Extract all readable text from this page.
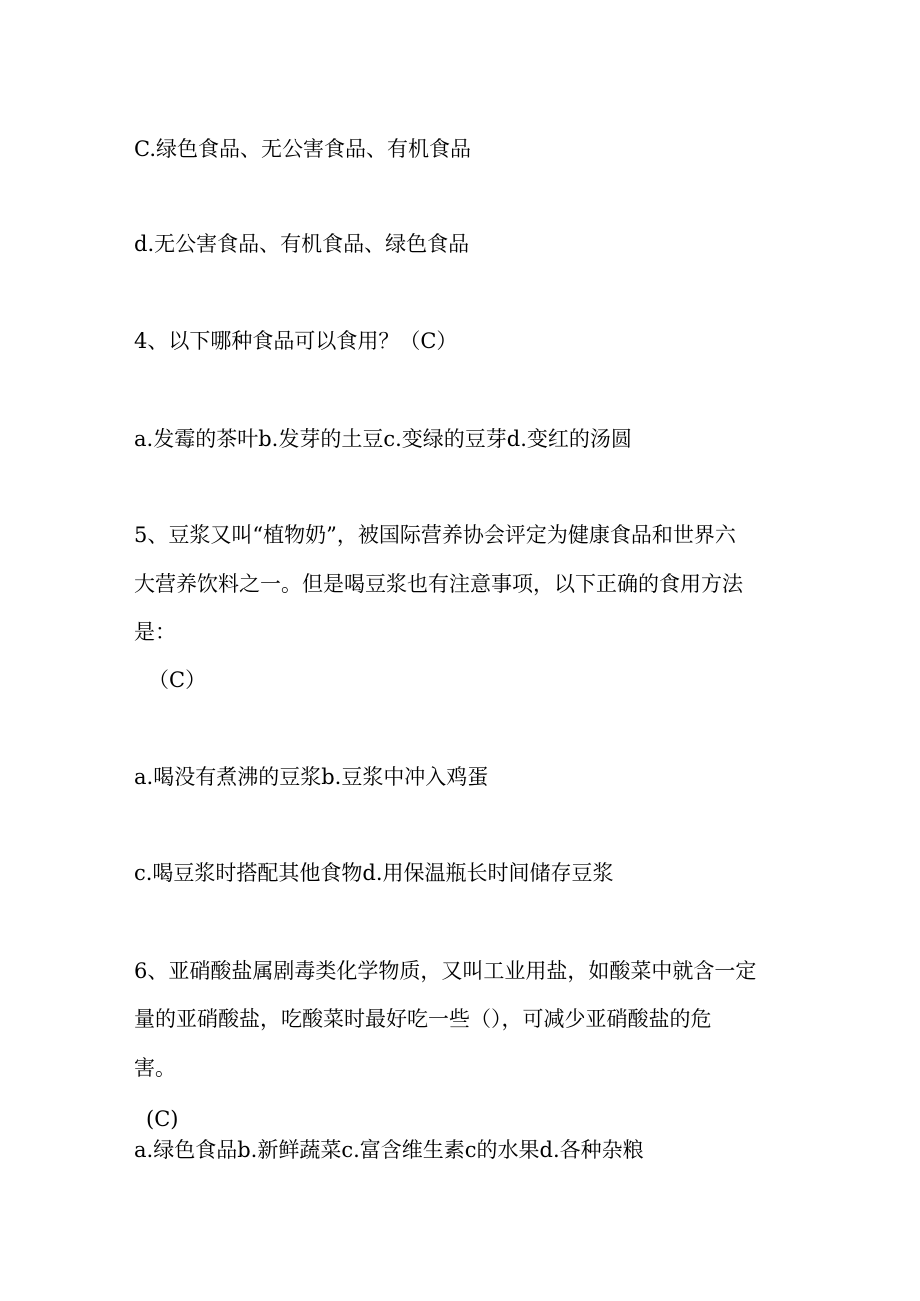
C.绿色食品、无公害食品、有机食品

d.无公害食品、有机食品、绿色食品

4、以下哪种食品可以食用？（C）

a.发霉的茶叶b.发芽的土豆c.变绿的豆芽d.变红的汤圆

5、豆浆又叫“植物奶”，被国际营养协会评定为健康食品和世界六

大营养饮料之一。但是喝豆浆也有注意事项，以下正确的食用方法

是：

（C）

a.喝没有煮沸的豆浆b.豆浆中冲入鸡蛋

c.喝豆浆时搭配其他食物d.用保温瓶长时间储存豆浆

6、亚硝酸盐属剧毒类化学物质，又叫工业用盐，如酸菜中就含一定

量的亚硝酸盐，吃酸菜时最好吃一些（），可减少亚硝酸盐的危

害。

(C)

a.绿色食品b.新鲜蔬菜c.富含维生素c的水果d.各种杂粮
